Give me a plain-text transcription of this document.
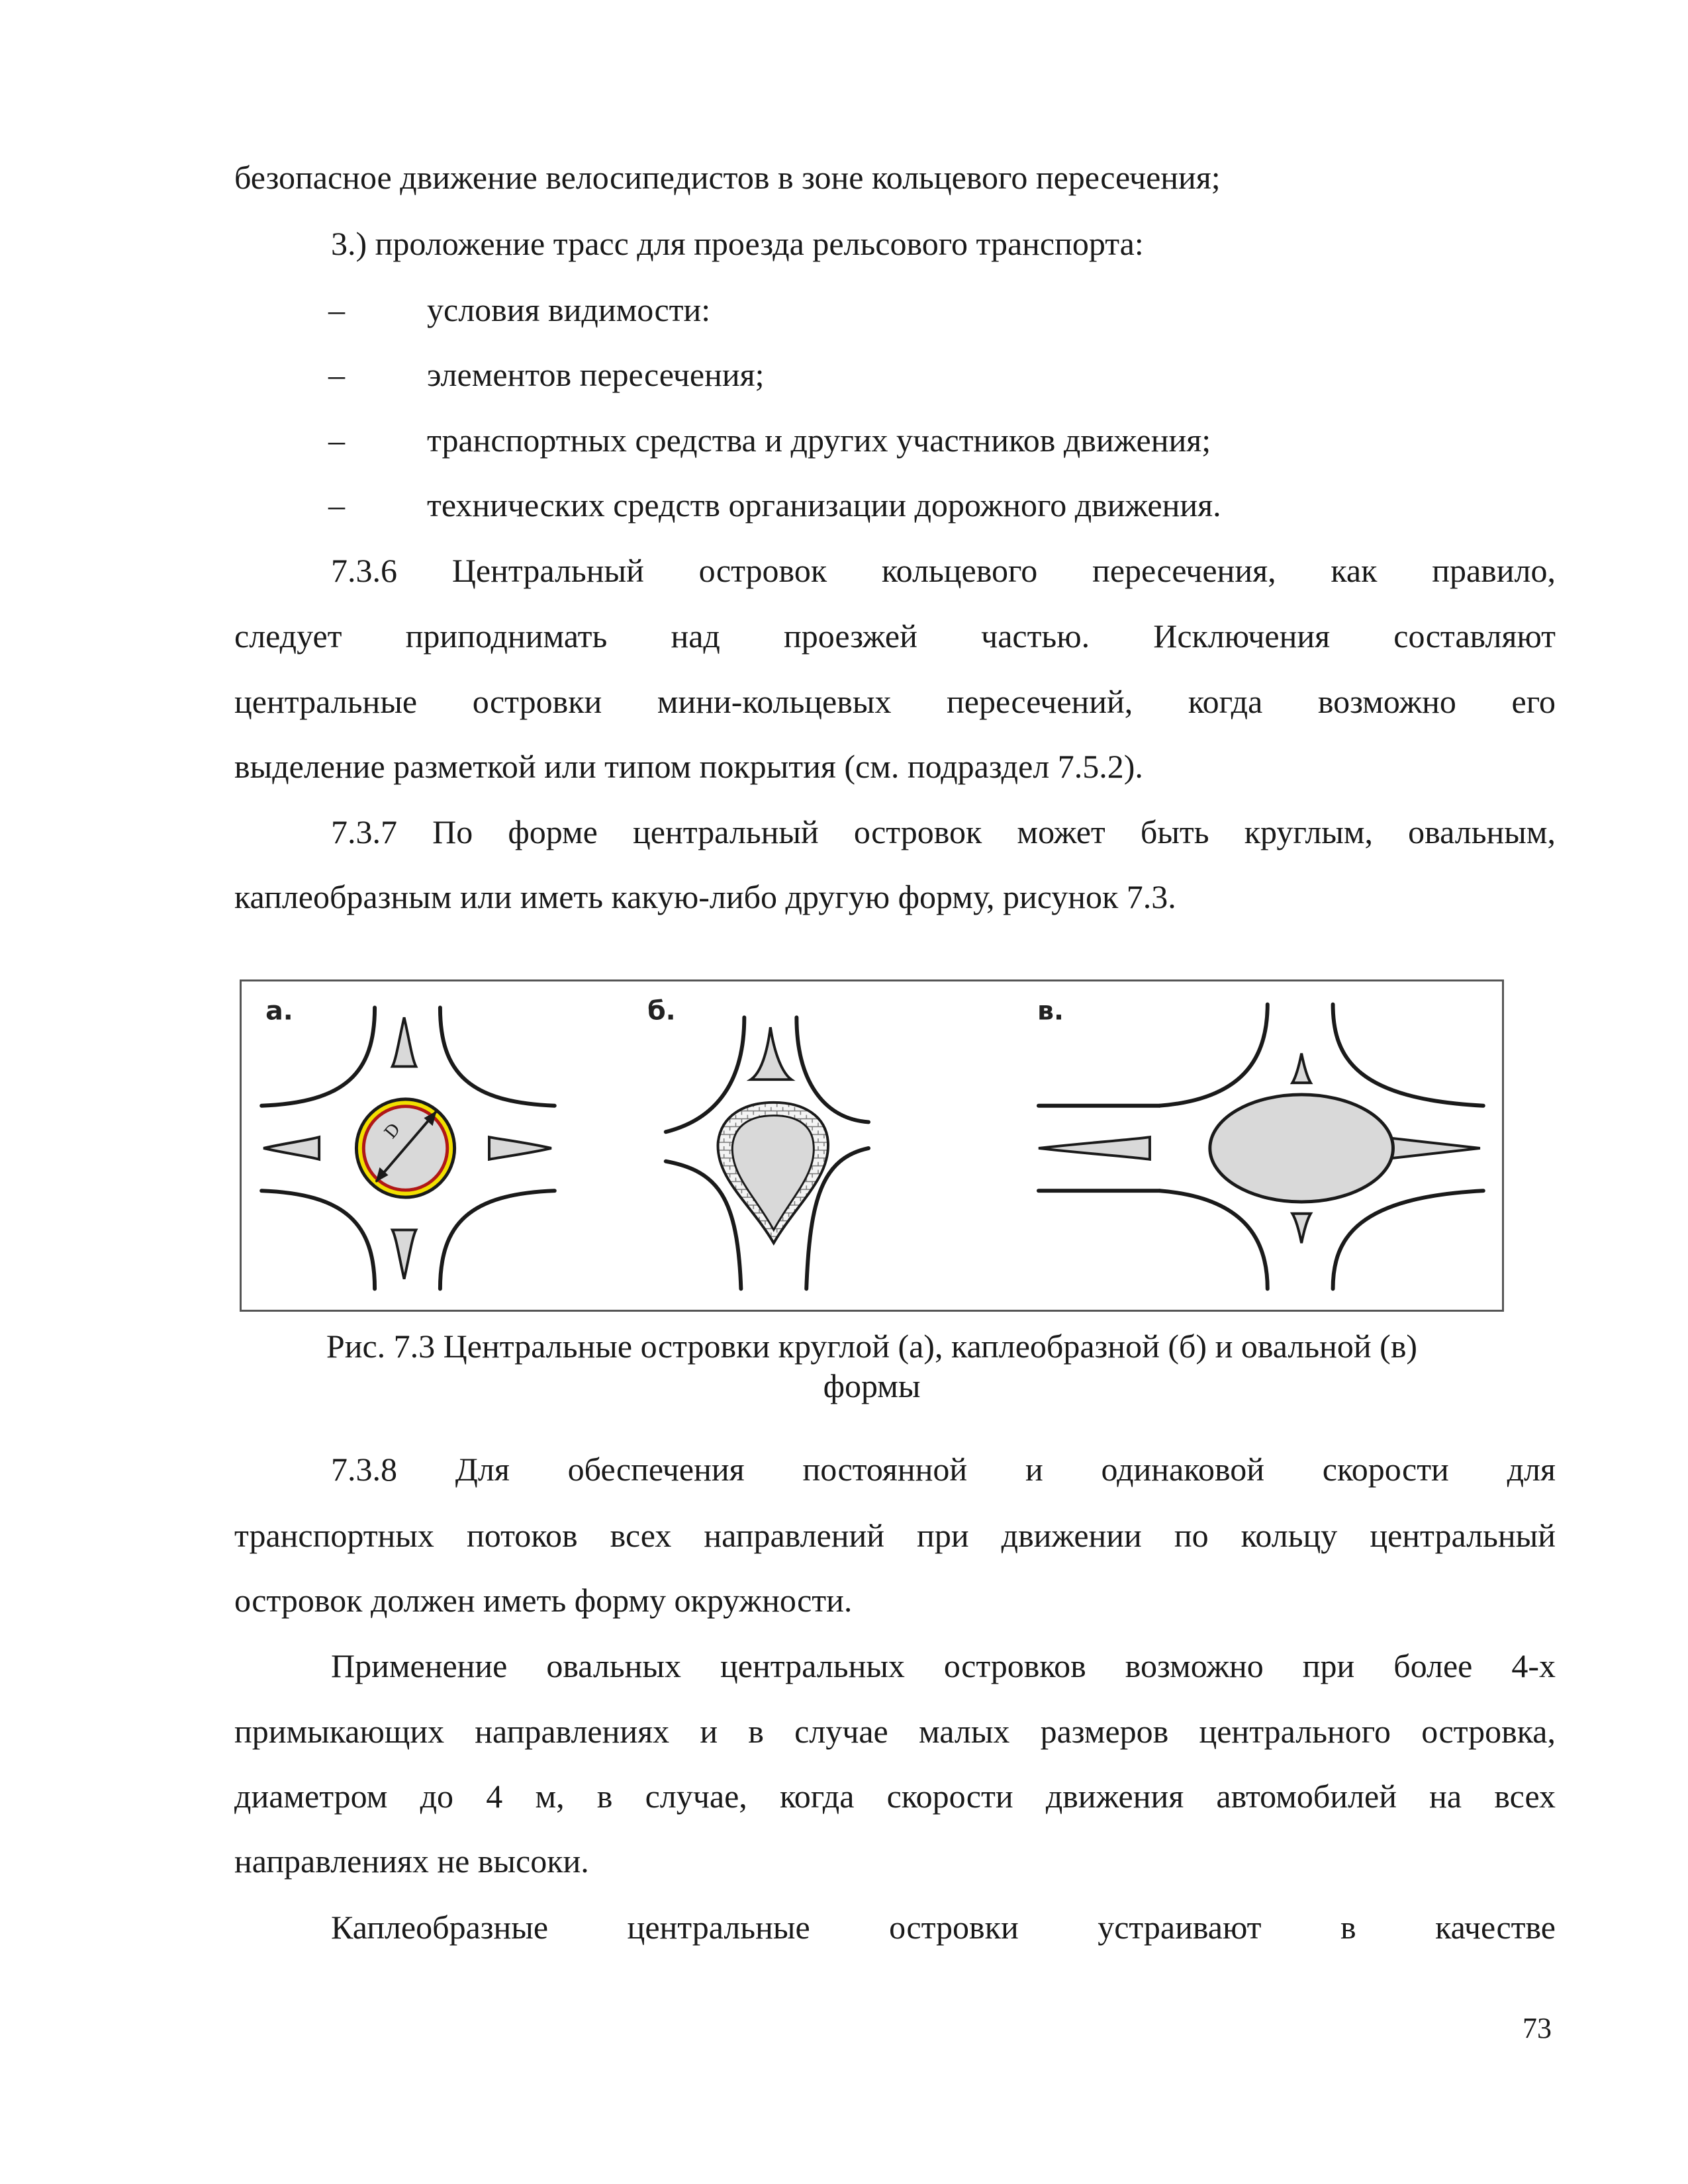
безопасное движение велосипедистов в зоне кольцевого пересечения;
3.) проложение трасс для проезда рельсового транспорта:
– условия видимости:
– элементов пересечения;
– транспортных средства и других участников движения;
– технических средств организации дорожного движения.
7.3.6 Центральный островок кольцевого пересечения, как правило,
следует приподнимать над проезжей частью. Исключения составляют
центральные островки мини-кольцевых пересечений, когда возможно его
выделение разметкой или типом покрытия (см. подраздел 7.5.2).
7.3.7 По форме центральный островок может быть круглым, овальным,
каплеобразным или иметь какую-либо другую форму, рисунок 7.3.
а.	б.	в.
D
Рис. 7.3 Центральные островки круглой (а), каплеобразной (б) и овальной (в)
формы
7.3.8 Для обеспечения постоянной и одинаковой скорости для
транспортных потоков всех направлений при движении по кольцу центральный
островок должен иметь форму окружности.
Применение овальных центральных островков возможно при более 4-х
примыкающих направлениях и в случае малых размеров центрального островка,
диаметром до 4 м, в случае, когда скорости движения автомобилей на всех
направлениях не высоки.
Каплеобразные центральные островки устраивают в качестве
73
